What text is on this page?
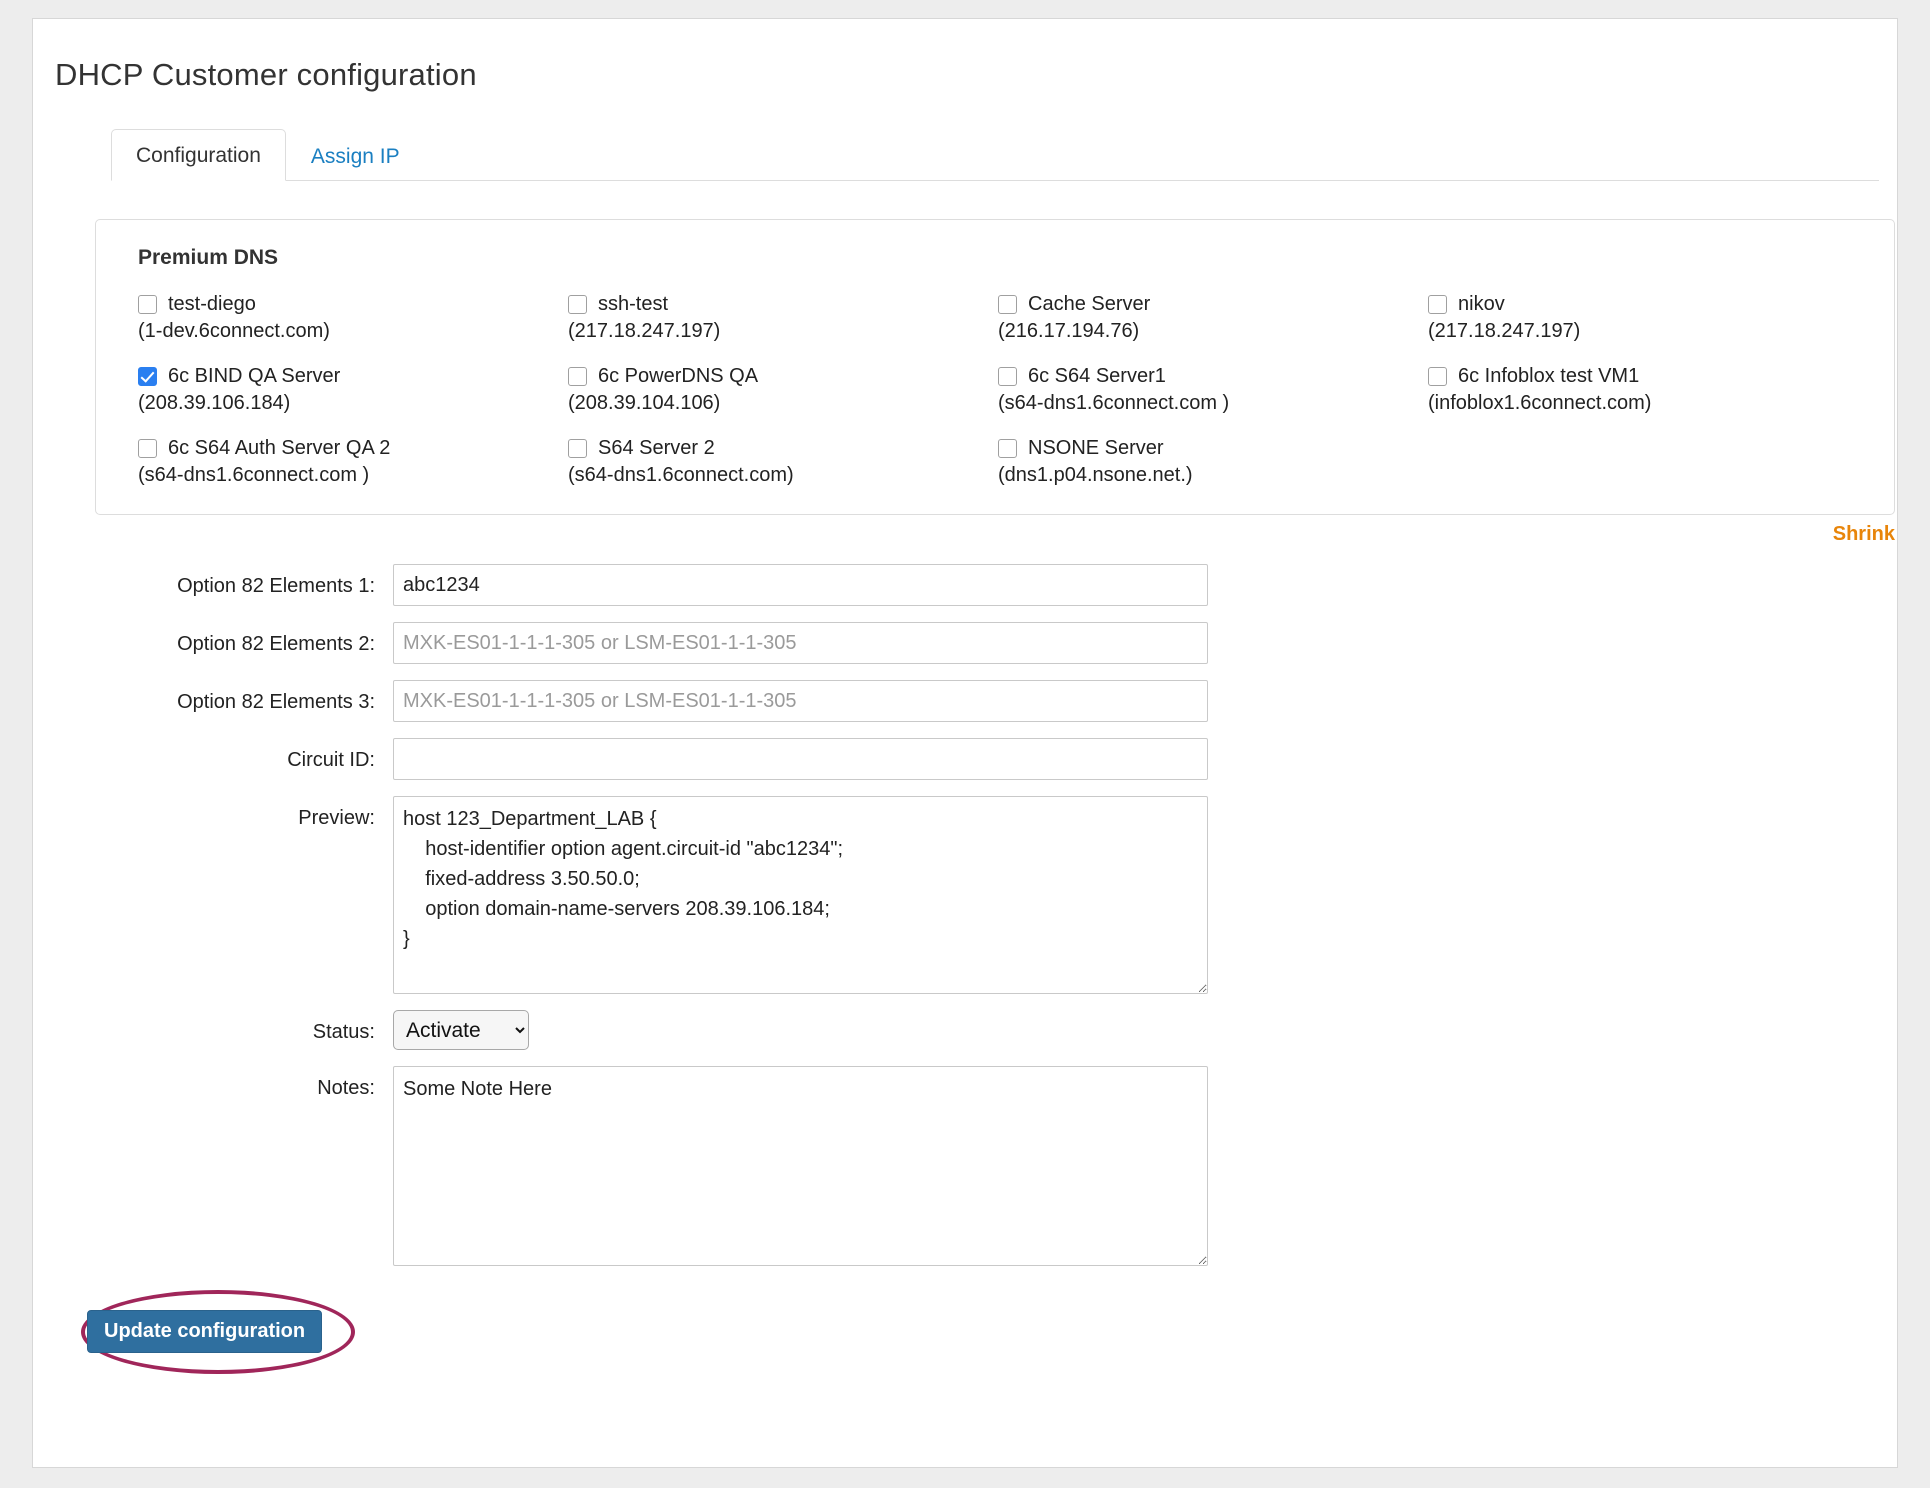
DHCP Customer configuration
Configuration	Assign IP
Premium DNS
test-diego
(1-dev.6connect.com)
ssh-test
(217.18.247.197)
Cache Server
(216.17.194.76)
nikov
(217.18.247.197)
6c BIND QA Server
(208.39.106.184)
6c PowerDNS QA
(208.39.104.106)
6c S64 Server1
(s64-dns1.6connect.com )
6c Infoblox test VM1
(infoblox1.6connect.com)
6c S64 Auth Server QA 2
(s64-dns1.6connect.com )
S64 Server 2
(s64-dns1.6connect.com)
NSONE Server
(dns1.p04.nsone.net.)
Shrink
Option 82 Elements 1:
abc1234
Option 82 Elements 2:
MXK-ES01-1-1-1-305 or LSM-ES01-1-1-305
Option 82 Elements 3:
MXK-ES01-1-1-1-305 or LSM-ES01-1-1-305
Circuit ID:
Preview:
host 123_Department_LAB { host-identifier option agent.circuit-id "abc1234"; fixed-address 3.50.50.0; option domain-name-servers 208.39.106.184; }
Status:
Activate
Notes:
Some Note Here
Update configuration
